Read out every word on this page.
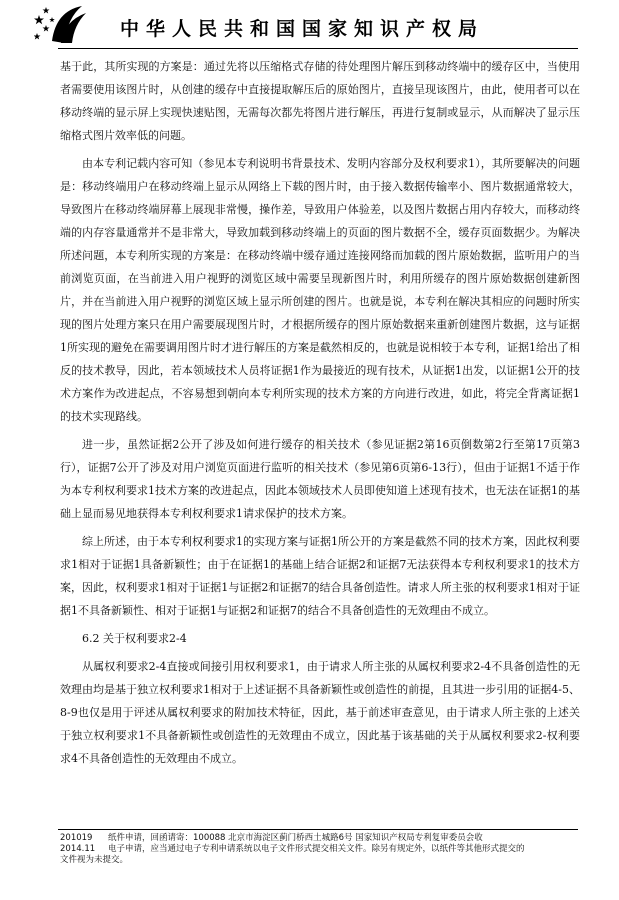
中华人民共和国国家知识产权局

基于此，其所实现的方案是：通过先将以压缩格式存储的待处理图片解压到移动终端中的缓存区中，当使用者需要使用该图片时，从创建的缓存中直接提取解压后的原始图片，直接呈现该图片，由此，使用者可以在移动终端的显示屏上实现快速贴图，无需每次都先将图片进行解压，再进行复制或显示，从而解决了显示压缩格式图片效率低的问题。

由本专利记载内容可知（参见本专利说明书背景技术、发明内容部分及权利要求1），其所要解决的问题是：移动终端用户在移动终端上显示从网络上下载的图片时，由于接入数据传输率小、图片数据通常较大，导致图片在移动终端屏幕上展现非常慢，操作差，导致用户体验差，以及图片数据占用内存较大，而移动终端的内存容量通常并不是非常大，导致加载到移动终端上的页面的图片数据不全，缓存页面数据少。为解决所述问题，本专利所实现的方案是：在移动终端中缓存通过连接网络而加载的图片原始数据，监听用户的当前浏览页面，在当前进入用户视野的浏览区域中需要呈现新图片时，利用所缓存的图片原始数据创建新图片，并在当前进入用户视野的浏览区域上显示所创建的图片。也就是说，本专利在解决其相应的问题时所实现的图片处理方案只在用户需要展现图片时，才根据所缓存的图片原始数据来重新创建图片数据，这与证据1所实现的避免在需要调用图片时才进行解压的方案是截然相反的，也就是说相较于本专利，证据1给出了相反的技术教导，因此，若本领域技术人员将证据1作为最接近的现有技术，从证据1出发，以证据1公开的技术方案作为改进起点，不容易想到朝向本专利所实现的技术方案的方向进行改进，如此，将完全背离证据1的技术实现路线。

进一步，虽然证据2公开了涉及如何进行缓存的相关技术（参见证据2第16页倒数第2行至第17页第3行），证据7公开了涉及对用户浏览页面进行监听的相关技术（参见第6页第6-13行），但由于证据1不适于作为本专利权利要求1技术方案的改进起点，因此本领域技术人员即使知道上述现有技术，也无法在证据1的基础上显而易见地获得本专利权利要求1请求保护的技术方案。

综上所述，由于本专利权利要求1的实现方案与证据1所公开的方案是截然不同的技术方案，因此权利要求1相对于证据1具备新颖性；由于在证据1的基础上结合证据2和证据7无法获得本专利权利要求1的技术方案，因此，权利要求1相对于证据1与证据2和证据7的结合具备创造性。请求人所主张的权利要求1相对于证据1不具备新颖性、相对于证据1与证据2和证据7的结合不具备创造性的无效理由不成立。

6.2 关于权利要求2-4

从属权利要求2-4直接或间接引用权利要求1，由于请求人所主张的从属权利要求2-4不具备创造性的无效理由均是基于独立权利要求1相对于上述证据不具备新颖性或创造性的前提，且其进一步引用的证据4-5、8-9也仅是用于评述从属权利要求的附加技术特征，因此，基于前述审查意见，由于请求人所主张的上述关于独立权利要求1不具备新颖性或创造性的无效理由不成立，因此基于该基础的关于从属权利要求2-权利要求4不具备创造性的无效理由不成立。

201019 纸件申请，回函请寄：100088 北京市海淀区蓟门桥西土城路6号 国家知识产权局专利复审委员会收
2014.11 电子申请，应当通过电子专利申请系统以电子文件形式提交相关文件。除另有规定外，以纸件等其他形式提交的
文件视为未提交。
